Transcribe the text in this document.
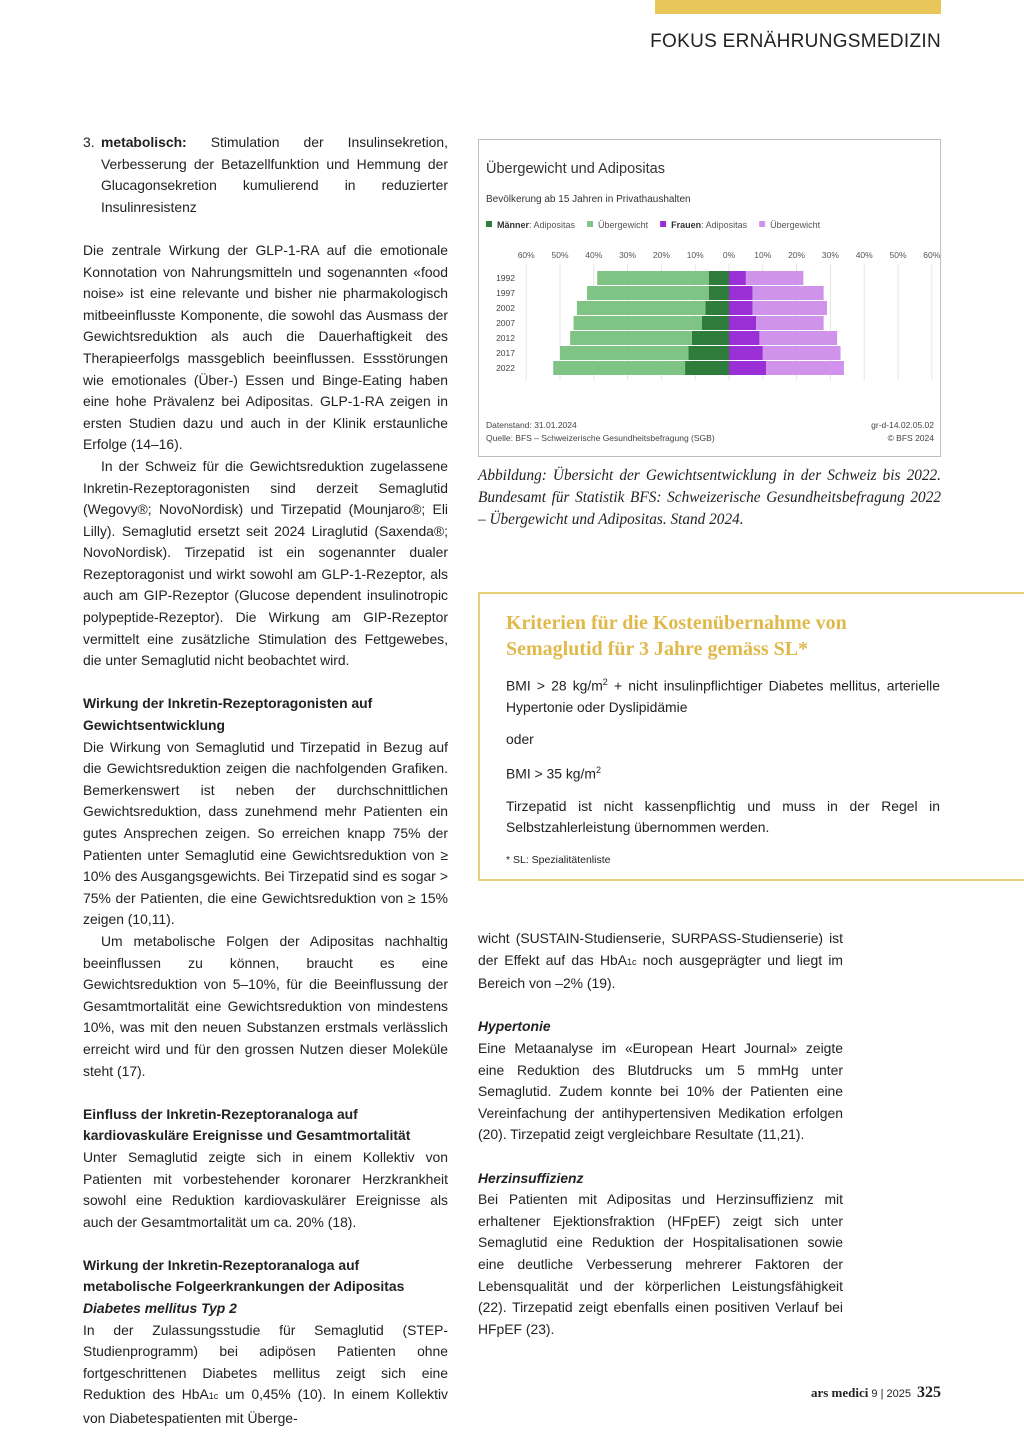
FOKUS ERNÄHRUNGSMEDIZIN
3. metabolisch: Stimulation der Insulinsekretion, Verbesserung der Betazellfunktion und Hemmung der Glucagonsekretion kumulierend in reduzierter Insulinresistenz

Die zentrale Wirkung der GLP-1-RA auf die emotionale Konnotation von Nahrungsmitteln und sogenannten «food noise» ist eine relevante und bisher nie pharmakologisch mitbeeinflusste Komponente, die sowohl das Ausmass der Gewichtsreduktion als auch die Dauerhaftigkeit des Therapieerfolgs massgeblich beeinflussen. Essstörungen wie emotionales (Über-) Essen und Binge-Eating haben eine hohe Prävalenz bei Adipositas. GLP-1-RA zeigen in ersten Studien dazu und auch in der Klinik erstaunliche Erfolge (14–16).

In der Schweiz für die Gewichtsreduktion zugelassene Inkretin-Rezeptoragonisten sind derzeit Semaglutid (Wegovy®; NovoNordisk) und Tirzepatid (Mounjaro®; Eli Lilly). Semaglutid ersetzt seit 2024 Liraglutid (Saxenda®; NovoNordisk). Tirzepatid ist ein sogenannter dualer Rezeptoragonist und wirkt sowohl am GLP-1-Rezeptor, als auch am GIP-Rezeptor (Glucose dependent insulinotropic polypeptide-Rezeptor). Die Wirkung am GIP-Rezeptor vermittelt eine zusätzliche Stimulation des Fettgewebes, die unter Semaglutid nicht beobachtet wird.

Wirkung der Inkretin-Rezeptoragonisten auf Gewichtsentwicklung

Die Wirkung von Semaglutid und Tirzepatid in Bezug auf die Gewichtsreduktion zeigen die nachfolgenden Grafiken. Bemerkenswert ist neben der durchschnittlichen Gewichtsreduktion, dass zunehmend mehr Patienten ein gutes Ansprechen zeigen. So erreichen knapp 75% der Patienten unter Semaglutid eine Gewichtsreduktion von ≥ 10% des Ausgangsgewichts. Bei Tirzepatid sind es sogar > 75% der Patienten, die eine Gewichtsreduktion von ≥ 15% zeigen (10,11).

Um metabolische Folgen der Adipositas nachhaltig beeinflussen zu können, braucht es eine Gewichtsreduktion von 5–10%, für die Beeinflussung der Gesamtmortalität eine Gewichtsreduktion von mindestens 10%, was mit den neuen Substanzen erstmals verlässlich erreicht wird und für den grossen Nutzen dieser Moleküle steht (17).

Einfluss der Inkretin-Rezeptoranaloga auf kardiovaskuläre Ereignisse und Gesamtmortalität

Unter Semaglutid zeigte sich in einem Kollektiv von Patienten mit vorbestehender koronarer Herzkrankheit sowohl eine Reduktion kardiovaskulärer Ereignisse als auch der Gesamtmortalität um ca. 20% (18).

Wirkung der Inkretin-Rezeptoranaloga auf metabolische Folgeerkrankungen der Adipositas
Diabetes mellitus Typ 2

In der Zulassungsstudie für Semaglutid (STEP-Studienprogramm) bei adipösen Patienten ohne fortgeschrittenen Diabetes mellitus zeigt sich eine Reduktion des HbA1c um 0,45% (10). In einem Kollektiv von Diabetespatienten mit Überge-

Übergewicht und Adipositas
Bevölkerung ab 15 Jahren in Privathaushalten
Männer: Adipositas	Übergewicht	Frauen: Adipositas	Übergewicht
60% 50% 40% 30% 20% 10% 0% 10% 20% 30% 40% 50% 60%
1992
1997
2002
2007
2012
2017
2022
Datenstand: 31.01.2024
Quelle: BFS – Schweizerische Gesundheitsbefragung (SGB)
gr-d-14.02.05.02
© BFS 2024
Abbildung: Übersicht der Gewichtsentwicklung in der Schweiz bis 2022. Bundesamt für Statistik BFS: Schweizerische Gesundheitsbefragung 2022 – Übergewicht und Adipositas. Stand 2024.
Kriterien für die Kostenübernahme von Semaglutid für 3 Jahre gemäss SL*

BMI > 28 $kg/m^2$ + nicht insulinpflichtiger Diabetes mellitus, arterielle Hypertonie oder Dyslipidämie

oder

BMI > 35 $kg/m^2$

Tirzepatid ist nicht kassenpflichtig und muss in der Regel in Selbstzahlerleistung übernommen werden.

* SL: Spezialitätenliste

wicht (SUSTAIN-Studienserie, SURPASS-Studienserie) ist der Effekt auf das HbA1c noch ausgeprägter und liegt im Bereich von –2% (19).

Hypertonie

Eine Metaanalyse im «European Heart Journal» zeigte eine Reduktion des Blutdrucks um 5 mmHg unter Semaglutid. Zudem konnte bei 10% der Patienten eine Vereinfachung der antihypertensiven Medikation erfolgen (20). Tirzepatid zeigt vergleichbare Resultate (11,21).

Herzinsuffizienz

Bei Patienten mit Adipositas und Herzinsuffizienz mit erhaltener Ejektionsfraktion (HFpEF) zeigt sich unter Semaglutid eine Reduktion der Hospitalisationen sowie eine deutliche Verbesserung mehrerer Faktoren der Lebensqualität und der körperlichen Leistungsfähigkeit (22). Tirzepatid zeigt ebenfalls einen positiven Verlauf bei HFpEF (23).

ars medici 9 | 2025 325
